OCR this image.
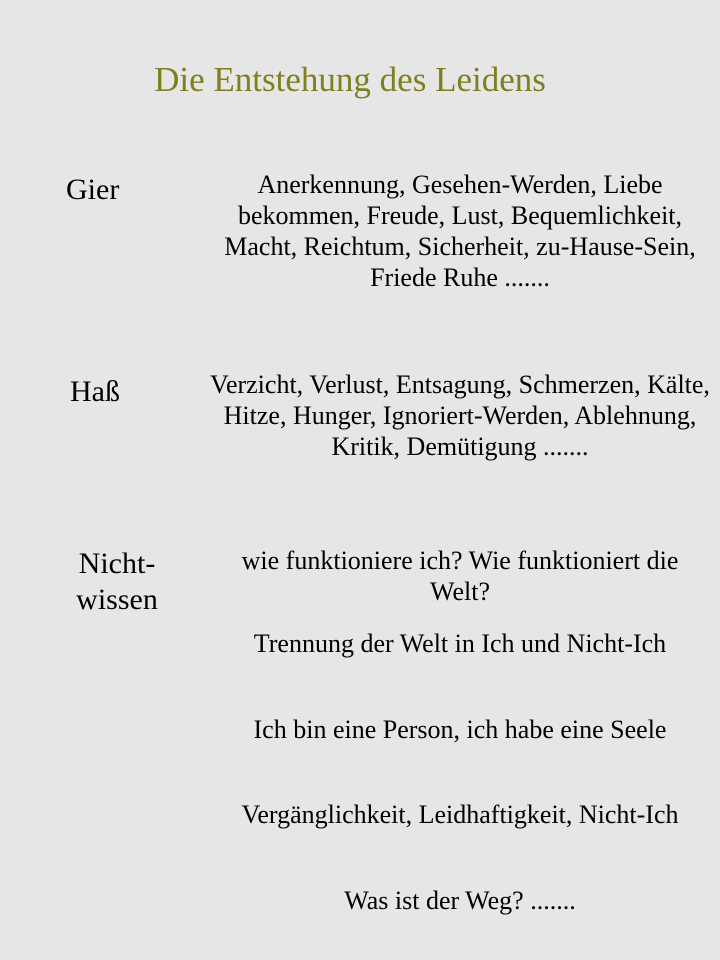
Die Entstehung des Leidens
Gier	Anerkennung, Gesehen-Werden, Liebe bekommen, Freude, Lust, Bequemlichkeit, Macht, Reichtum, Sicherheit, zu-Hause-Sein, Friede Ruhe .......
Haß	Verzicht, Verlust, Entsagung, Schmerzen, Kälte, Hitze, Hunger, Ignoriert-Werden, Ablehnung, Kritik, Demütigung .......
Nicht-wissen
wie funktioniere ich? Wie funktioniert die Welt?
Trennung der Welt in Ich und Nicht-Ich
Ich bin eine Person, ich habe eine Seele
Vergänglichkeit, Leidhaftigkeit, Nicht-Ich
Was ist der Weg? .......
